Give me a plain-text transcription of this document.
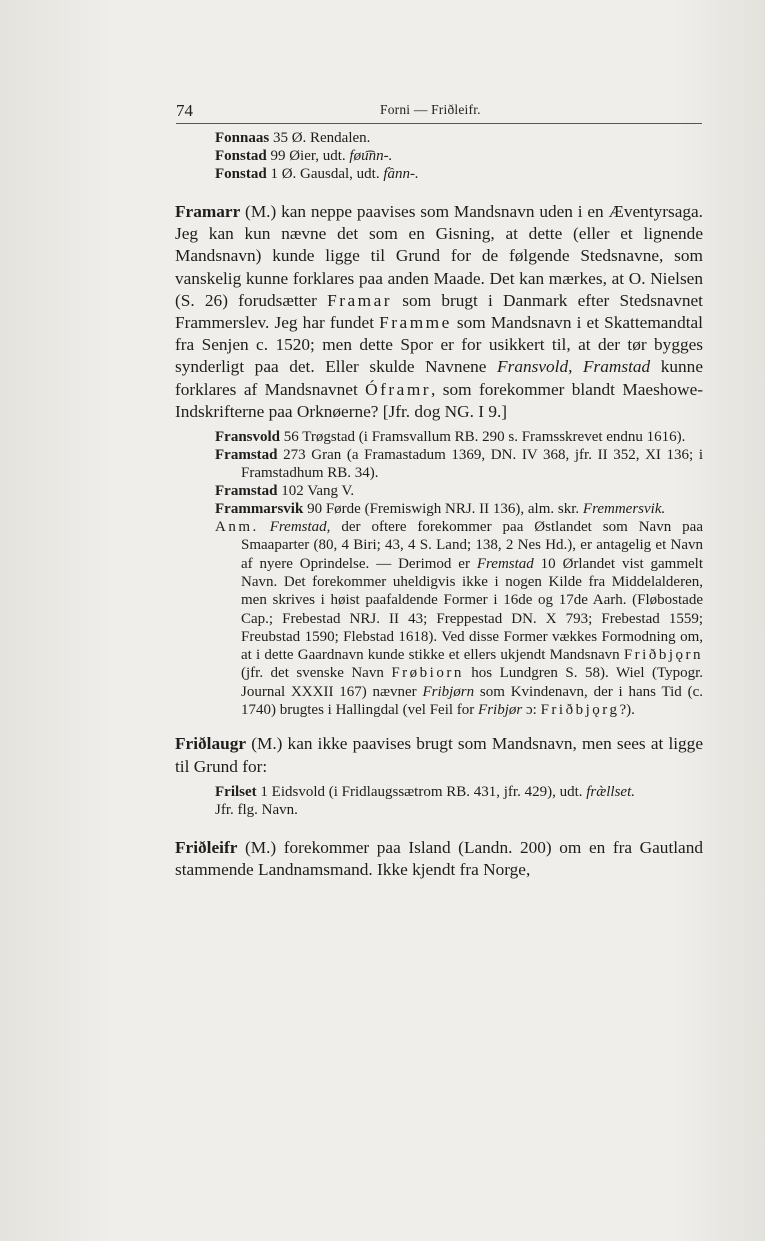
74	Forni — Friðleifr.
Fonnaas 35 Ø. Rendalen.
Fonstad 99 Øier, udt. føu͡nn-.
Fonstad 1 Ø. Gausdal, udt. fầnn-.
Framarr (M.) kan neppe paavises som Mandsnavn uden i en Æventyrsaga. Jeg kan kun nævne det som en Gisning, at dette (eller et lignende Mandsnavn) kunde ligge til Grund for de følgende Stedsnavne, som vanskelig kunne forklares paa anden Maade. Det kan mærkes, at O. Nielsen (S. 26) forudsætter Framar som brugt i Danmark efter Stedsnavnet Frammerslev. Jeg har fundet Framme som Mandsnavn i et Skattemandtal fra Senjen c. 1520; men dette Spor er for usikkert til, at der tør bygges synderligt paa det. Eller skulde Navnene Fransvold, Framstad kunne forklares af Mandsnavnet Óframr, som forekommer blandt Maeshowe-Indskrifterne paa Orknøerne? [Jfr. dog NG. I 9.]
Fransvold 56 Trøgstad (i Framsvallum RB. 290 s. Framsskrevet endnu 1616).
Framstad 273 Gran (a Framastadum 1369, DN. IV 368, jfr. II 352, XI 136; i Framstadhum RB. 34).
Framstad 102 Vang V.
Frammarsvik 90 Førde (Fremiswigh NRJ. II 136), alm. skr. Fremmersvik.
Anm. Fremstad, der oftere forekommer paa Østlandet som Navn paa Smaaparter (80, 4 Biri; 43, 4 S. Land; 138, 2 Nes Hd.), er antagelig et Navn af nyere Oprindelse. — Derimod er Fremstad 10 Ørlandet vist gammelt Navn. Det forekommer uheldigvis ikke i nogen Kilde fra Middelalderen, men skrives i høist paafaldende Former i 16de og 17de Aarh. (Fløbostade Cap.; Frebestad NRJ. II 43; Freppestad DN. X 793; Frebestad 1559; Freubstad 1590; Flebstad 1618). Ved disse Former vækkes Formodning om, at i dette Gaardnavn kunde stikke et ellers ukjendt Mandsnavn Friðbjǫrn (jfr. det svenske Navn Frøbiorn hos Lundgren S. 58). Wiel (Typogr. Journal XXXII 167) nævner Fribjørn som Kvindenavn, der i hans Tid (c. 1740) brugtes i Hallingdal (vel Feil for Fribjør ɔ: Friðbjǫrg?).
Friðlaugr (M.) kan ikke paavises brugt som Mandsnavn, men sees at ligge til Grund for:
Frilset 1 Eidsvold (i Fridlaugssætrom RB. 431, jfr. 429), udt. fræ̀llset.
Jfr. flg. Navn.
Friðleifr (M.) forekommer paa Island (Landn. 200) om en fra Gautland stammende Landnamsmand. Ikke kjendt fra Norge,
